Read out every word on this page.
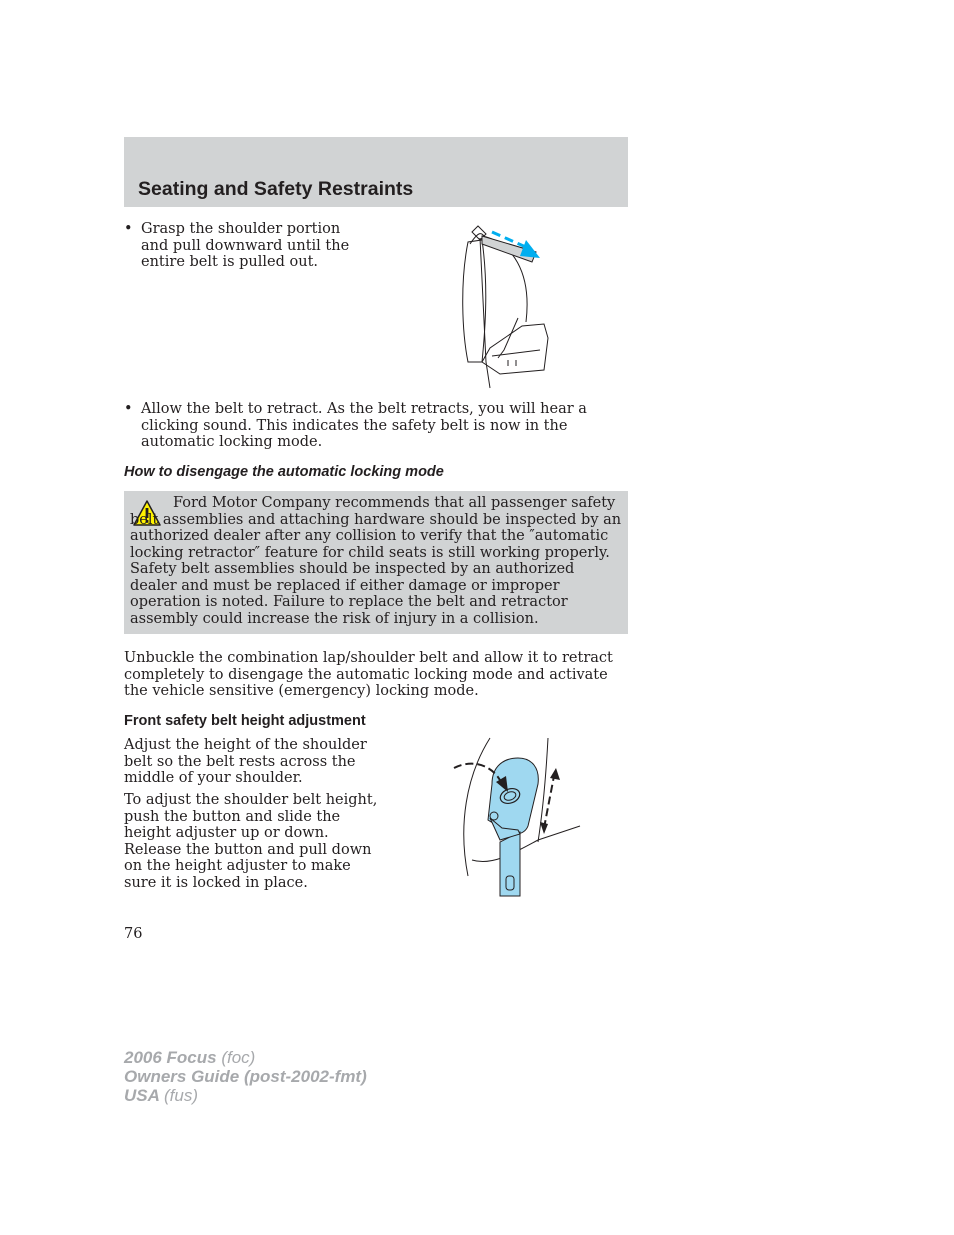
Seating and Safety Restraints
• Grasp the shoulder portion and pull downward until the entire belt is pulled out.
• Allow the belt to retract. As the belt retracts, you will hear a clicking sound. This indicates the safety belt is now in the automatic locking mode.
How to disengage the automatic locking mode
Ford Motor Company recommends that all passenger safety belt assemblies and attaching hardware should be inspected by an authorized dealer after any collision to verify that the ″automatic locking retractor″ feature for child seats is still working properly. Safety belt assemblies should be inspected by an authorized dealer and must be replaced if either damage or improper operation is noted. Failure to replace the belt and retractor assembly could increase the risk of injury in a collision.
Unbuckle the combination lap/shoulder belt and allow it to retract completely to disengage the automatic locking mode and activate the vehicle sensitive (emergency) locking mode.
Front safety belt height adjustment
Adjust the height of the shoulder belt so the belt rests across the middle of your shoulder.
To adjust the shoulder belt height, push the button and slide the height adjuster up or down. Release the button and pull down on the height adjuster to make sure it is locked in place.
76
2006 Focus (foc)
Owners Guide (post-2002-fmt)
USA (fus)
